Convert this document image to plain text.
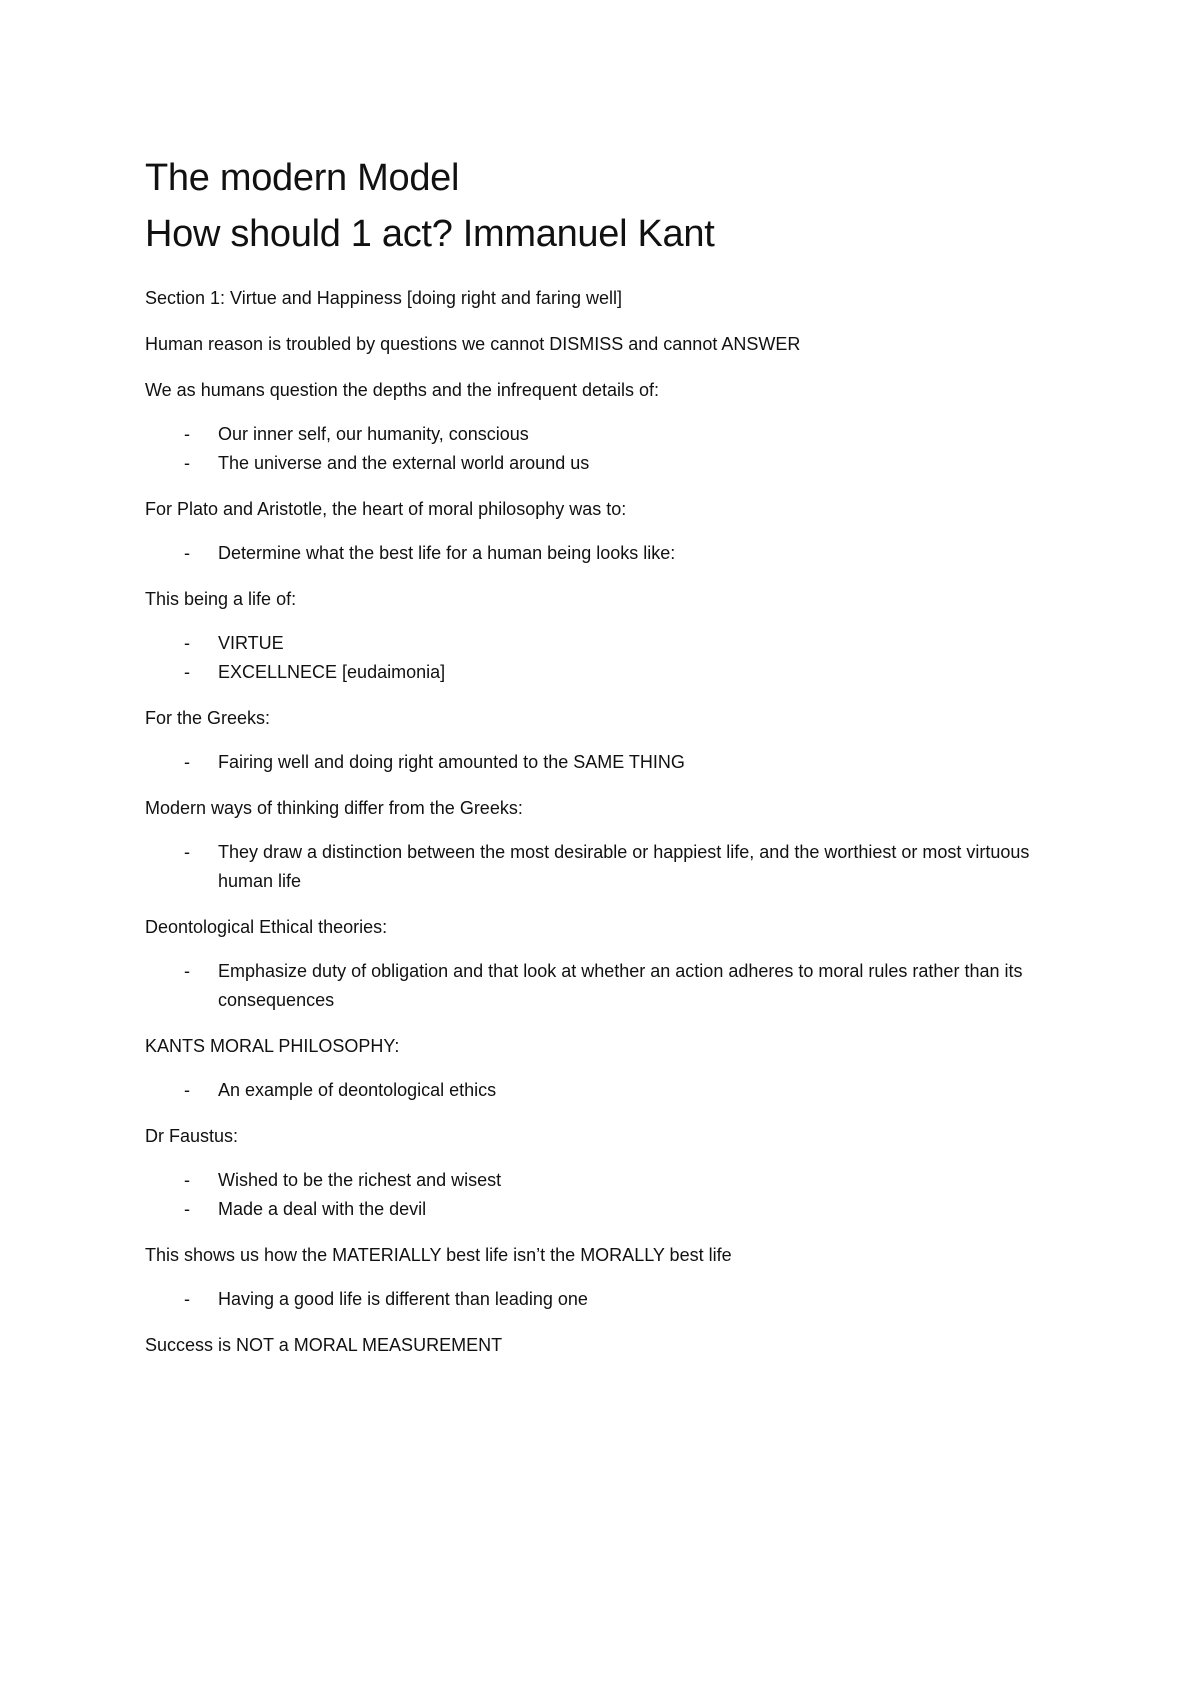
The modern Model
How should 1 act? Immanuel Kant

Section 1: Virtue and Happiness [doing right and faring well]

Human reason is troubled by questions we cannot DISMISS and cannot ANSWER

We as humans question the depths and the infrequent details of:

- Our inner self, our humanity, conscious
- The universe and the external world around us

For Plato and Aristotle, the heart of moral philosophy was to:

- Determine what the best life for a human being looks like:

This being a life of:

- VIRTUE
- EXCELLNECE [eudaimonia]

For the Greeks:

- Fairing well and doing right amounted to the SAME THING

Modern ways of thinking differ from the Greeks:

- They draw a distinction between the most desirable or happiest life, and the worthiest or most virtuous human life

Deontological Ethical theories:

- Emphasize duty of obligation and that look at whether an action adheres to moral rules rather than its consequences

KANTS MORAL PHILOSOPHY:

- An example of deontological ethics

Dr Faustus:

- Wished to be the richest and wisest
- Made a deal with the devil

This shows us how the MATERIALLY best life isn’t the MORALLY best life

- Having a good life is different than leading one

Success is NOT a MORAL MEASUREMENT
